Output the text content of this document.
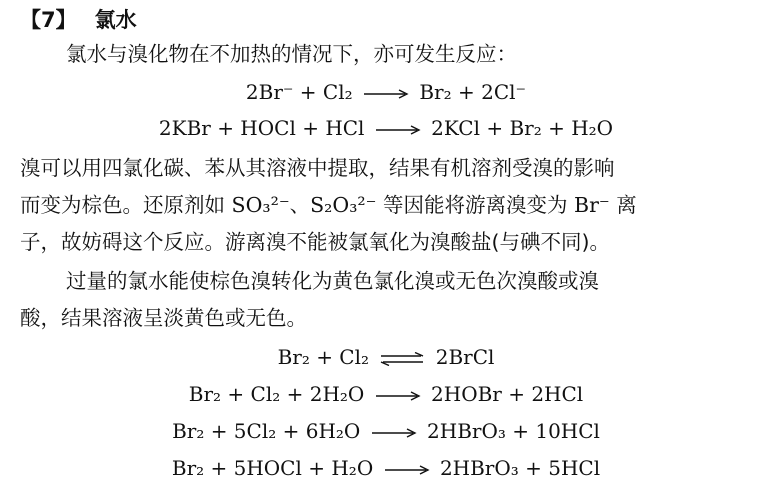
【7】 氯水
氯水与溴化物在不加热的情况下，亦可发生反应：
2Br⁻ + Cl₂ → Br₂ + 2Cl⁻
2KBr + HOCl + HCl → 2KCl + Br₂ + H₂O
溴可以用四氯化碳、苯从其溶液中提取，结果有机溶剂受溴的影响
而变为棕色。还原剂如 SO₃²⁻、S₂O₃²⁻ 等因能将游离溴变为 Br⁻ 离
子，故妨碍这个反应。游离溴不能被氯氧化为溴酸盐(与碘不同)。
过量的氯水能使棕色溴转化为黄色氯化溴或无色次溴酸或溴
酸，结果溶液呈淡黄色或无色。
Br₂ + Cl₂ ⇌ 2BrCl
Br₂ + Cl₂ + 2H₂O → 2HOBr + 2HCl
Br₂ + 5Cl₂ + 6H₂O → 2HBrO₃ + 10HCl
Br₂ + 5HOCl + H₂O → 2HBrO₃ + 5HCl
